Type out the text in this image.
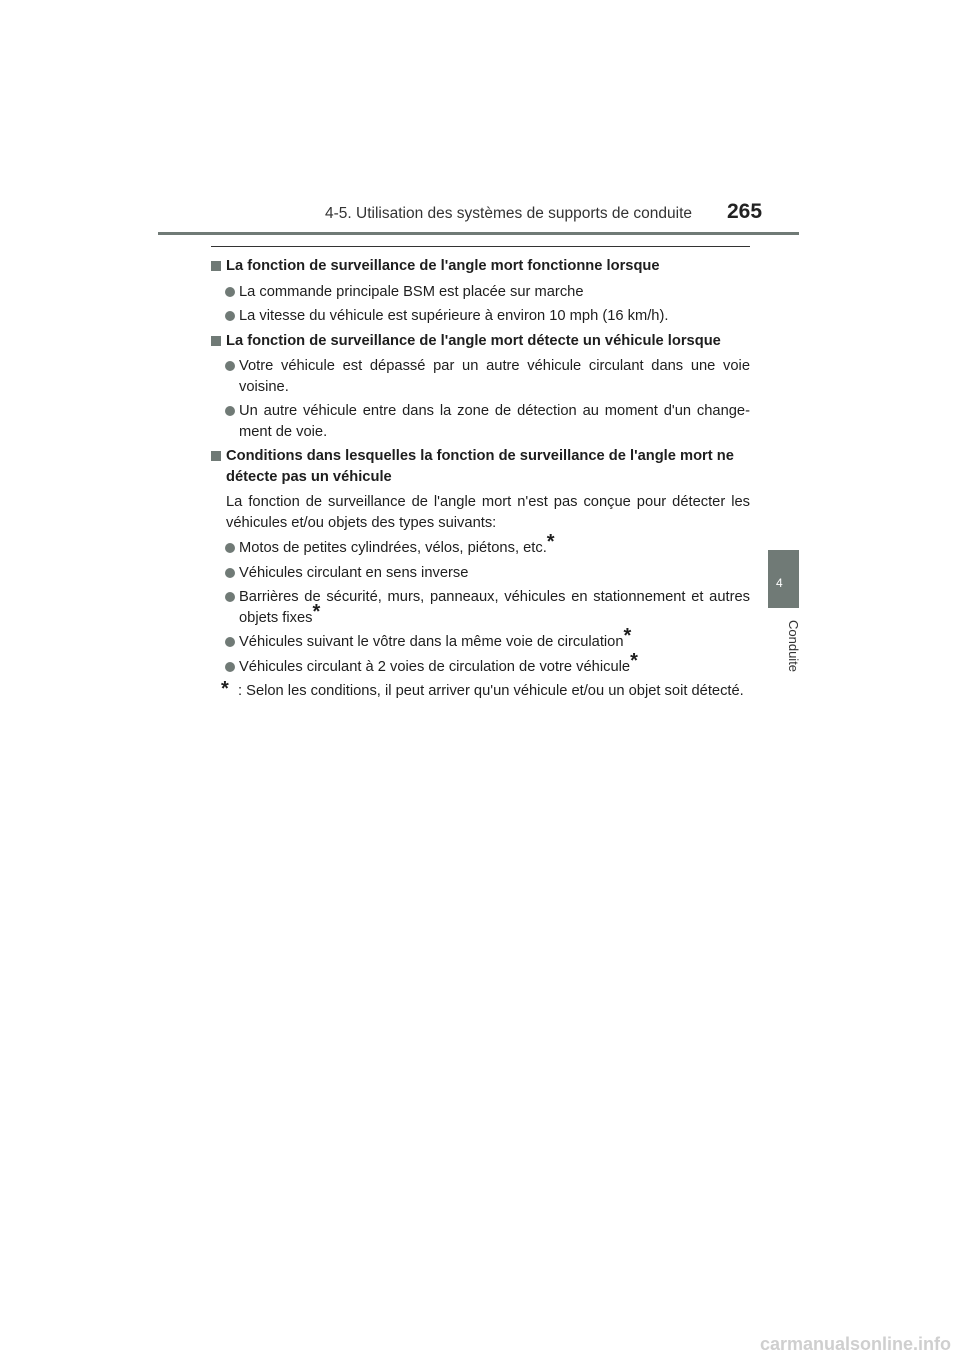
4-5. Utilisation des systèmes de supports de conduite 265
4
Conduite
La fonction de surveillance de l'angle mort fonctionne lorsque
La commande principale BSM est placée sur marche
La vitesse du véhicule est supérieure à environ 10 mph (16 km/h).
La fonction de surveillance de l'angle mort détecte un véhicule lorsque
Votre véhicule est dépassé par un autre véhicule circulant dans une voie voisine.
Un autre véhicule entre dans la zone de détection au moment d'un change-ment de voie.
Conditions dans lesquelles la fonction de surveillance de l'angle mort ne détecte pas un véhicule
La fonction de surveillance de l'angle mort n'est pas conçue pour détecter les véhicules et/ou objets des types suivants:
Motos de petites cylindrées, vélos, piétons, etc.*
Véhicules circulant en sens inverse
Barrières de sécurité, murs, panneaux, véhicules en stationnement et autres objets fixes*
Véhicules suivant le vôtre dans la même voie de circulation*
Véhicules circulant à 2 voies de circulation de votre véhicule*
* : Selon les conditions, il peut arriver qu'un véhicule et/ou un objet soit détecté.
carmanualsonline.info
